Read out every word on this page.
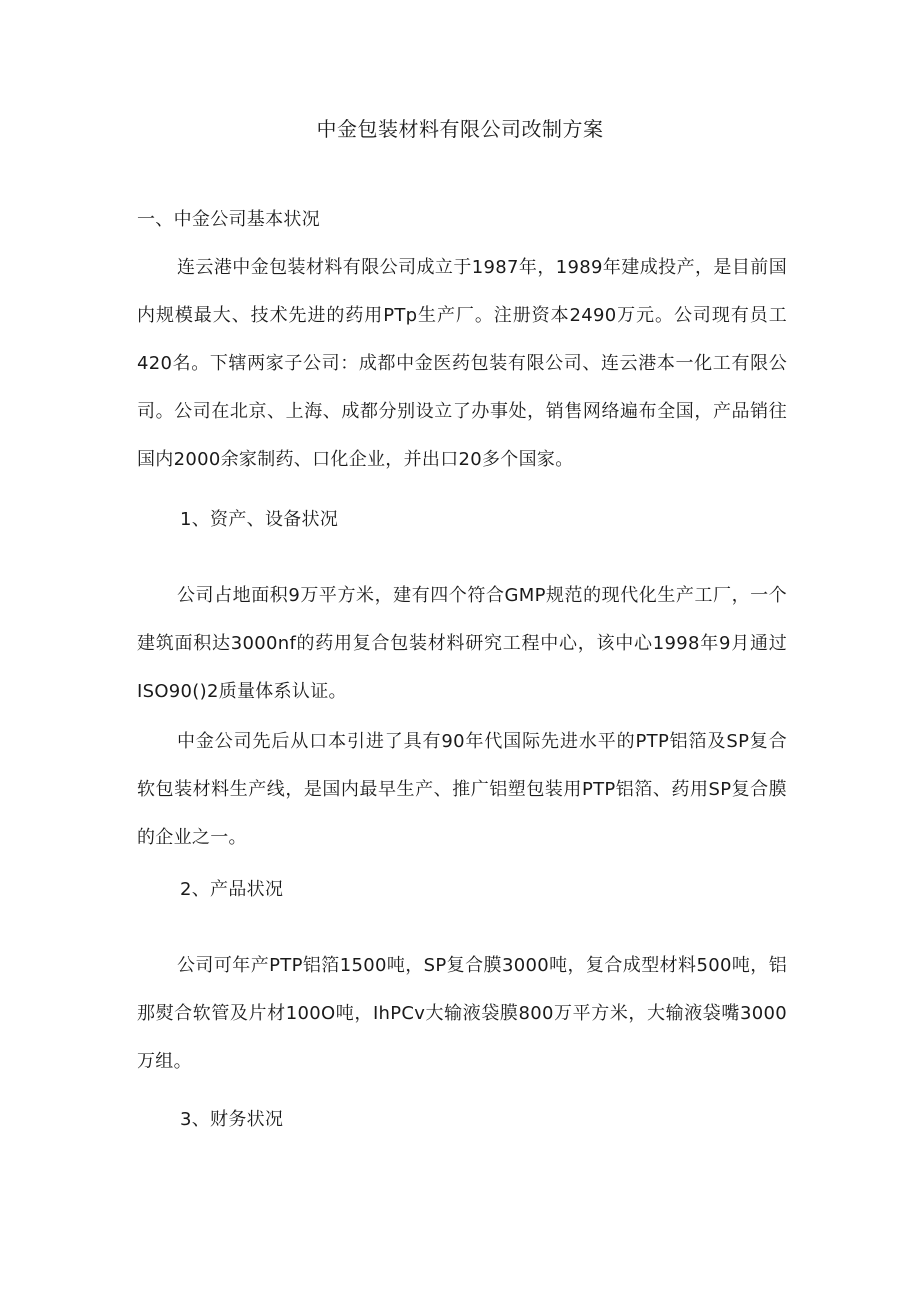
中金包装材料有限公司改制方案
一、中金公司基本状况
连云港中金包装材料有限公司成立于1987年，1989年建成投产，是目前国内规模最大、技术先进的药用PTp生产厂。注册资本2490万元。公司现有员工420名。下辖两家子公司：成都中金医药包装有限公司、连云港本一化工有限公司。公司在北京、上海、成都分别设立了办事处，销售网络遍布全国，产品销往国内2000余家制药、口化企业，并出口20多个国家。
1、资产、设备状况
公司占地面积9万平方米，建有四个符合GMP规范的现代化生产工厂，一个建筑面积达3000nf的药用复合包装材料研究工程中心，该中心1998年9月通过ISO90()2质量体系认证。
中金公司先后从口本引进了具有90年代国际先进水平的PTP铝箔及SP复合软包装材料生产线，是国内最早生产、推广铝塑包装用PTP铝箔、药用SP复合膜的企业之一。
2、产品状况
公司可年产PTP铝箔1500吨，SP复合膜3000吨，复合成型材料500吨，铝那熨合软管及片材100O吨，IhPCv大输液袋膜800万平方米，大输液袋嘴3000万组。
3、财务状况
